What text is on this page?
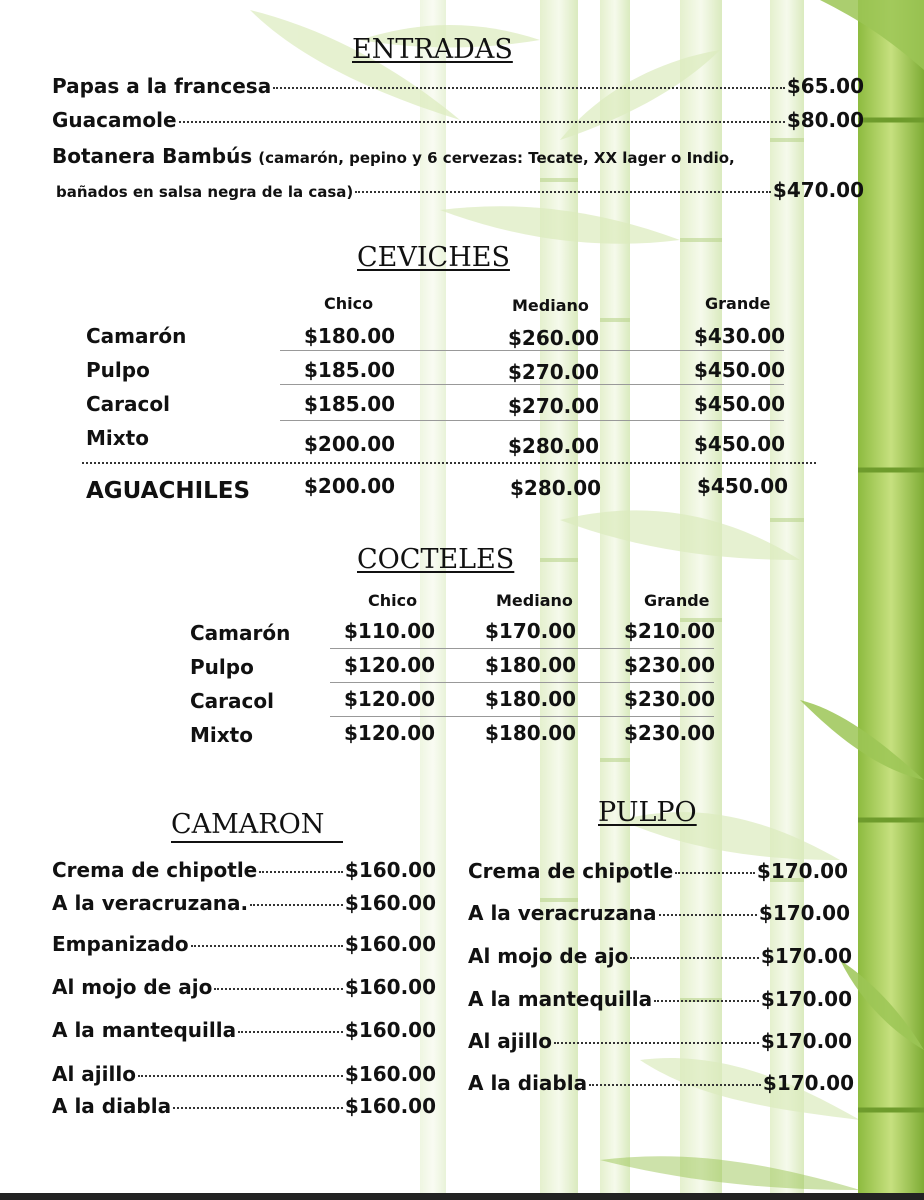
ENTRADAS
Papas a la francesa	$65.00
Guacamole	$80.00
Botanera Bambús (camarón, pepino y 6 cervezas: Tecate, XX lager o Indio,
bañados en salsa negra de la casa)	$470.00
CEVICHES
Chico	Mediano	Grande
Camarón	$180.00	$260.00	$430.00
Pulpo	$185.00	$270.00	$450.00
Caracol	$185.00	$270.00	$450.00
Mixto	$200.00	$280.00	$450.00
AGUACHILES	$200.00	$280.00	$450.00
COCTELES
Chico	Mediano	Grande
Camarón	$110.00 $170.00 $210.00
Pulpo	$120.00 $180.00 $230.00
Caracol	$120.00 $180.00 $230.00
Mixto	$120.00 $180.00 $230.00
CAMARON
Crema de chipotle	$160.00
A la veracruzana.	$160.00
Empanizado	$160.00
Al mojo de ajo	$160.00
A la mantequilla	$160.00
Al ajillo	$160.00
A la diabla	$160.00
PULPO
Crema de chipotle	$170.00
A la veracruzana	$170.00
Al mojo de ajo	$170.00
A la mantequilla	$170.00
Al ajillo	$170.00
A la diabla	$170.00
